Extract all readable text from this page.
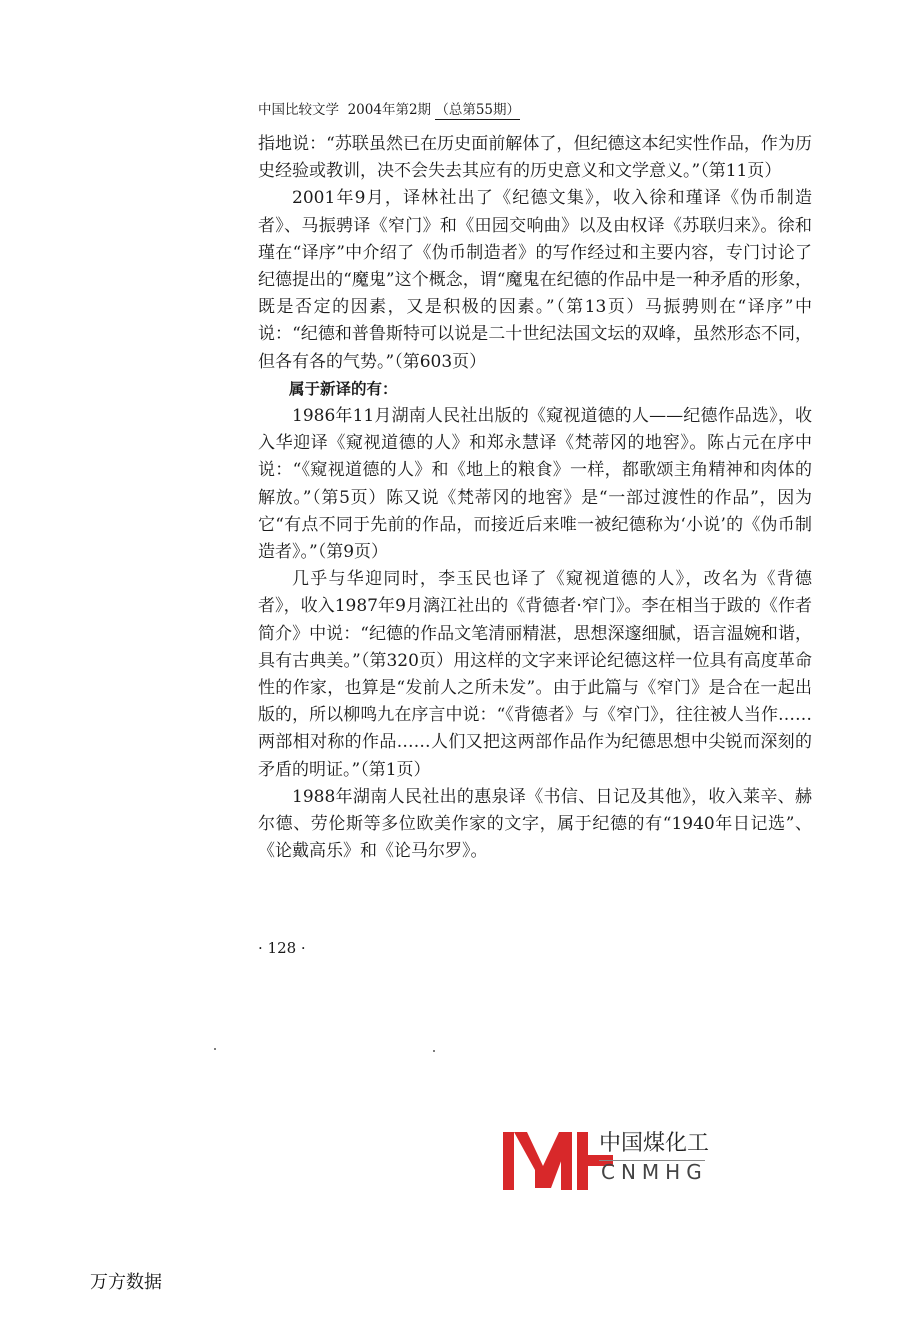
中国比较文学 2004年第2期 （总第55期）

指地说：“苏联虽然已在历史面前解体了，但纪德这本纪实性作品，作为历史经验或教训，决不会失去其应有的历史意义和文学意义。”（第11页）

2001年9月，译林社出了《纪德文集》，收入徐和瑾译《伪币制造者》、马振骋译《窄门》和《田园交响曲》以及由权译《苏联归来》。徐和瑾在“译序”中介绍了《伪币制造者》的写作经过和主要内容，专门讨论了纪德提出的“魔鬼”这个概念，谓“魔鬼在纪德的作品中是一种矛盾的形象，既是否定的因素，又是积极的因素。”（第13页）马振骋则在“译序”中说：“纪德和普鲁斯特可以说是二十世纪法国文坛的双峰，虽然形态不同，但各有各的气势。”（第603页）

属于新译的有：

1986年11月湖南人民社出版的《窥视道德的人——纪德作品选》，收入华迎译《窥视道德的人》和郑永慧译《梵蒂冈的地窖》。陈占元在序中说：“《窥视道德的人》和《地上的粮食》一样，都歌颂主角精神和肉体的解放。”（第5页）陈又说《梵蒂冈的地窖》是“一部过渡性的作品”，因为它“有点不同于先前的作品，而接近后来唯一被纪德称为‘小说’的《伪币制造者》。”（第9页）

几乎与华迎同时，李玉民也译了《窥视道德的人》，改名为《背德者》，收入1987年9月漓江社出的《背德者·窄门》。李在相当于跋的《作者简介》中说：“纪德的作品文笔清丽精湛，思想深邃细腻，语言温婉和谐，具有古典美。”（第320页）用这样的文字来评论纪德这样一位具有高度革命性的作家，也算是“发前人之所未发”。由于此篇与《窄门》是合在一起出版的，所以柳鸣九在序言中说：“《背德者》与《窄门》，往往被人当作……两部相对称的作品……人们又把这两部作品作为纪德思想中尖锐而深刻的矛盾的明证。”（第1页）

1988年湖南人民社出的惠泉译《书信、日记及其他》，收入莱辛、赫尔德、劳伦斯等多位欧美作家的文字，属于纪德的有“1940年日记选”、《论戴高乐》和《论马尔罗》。

· 128 ·
中国煤化工
CNMHG
万方数据
